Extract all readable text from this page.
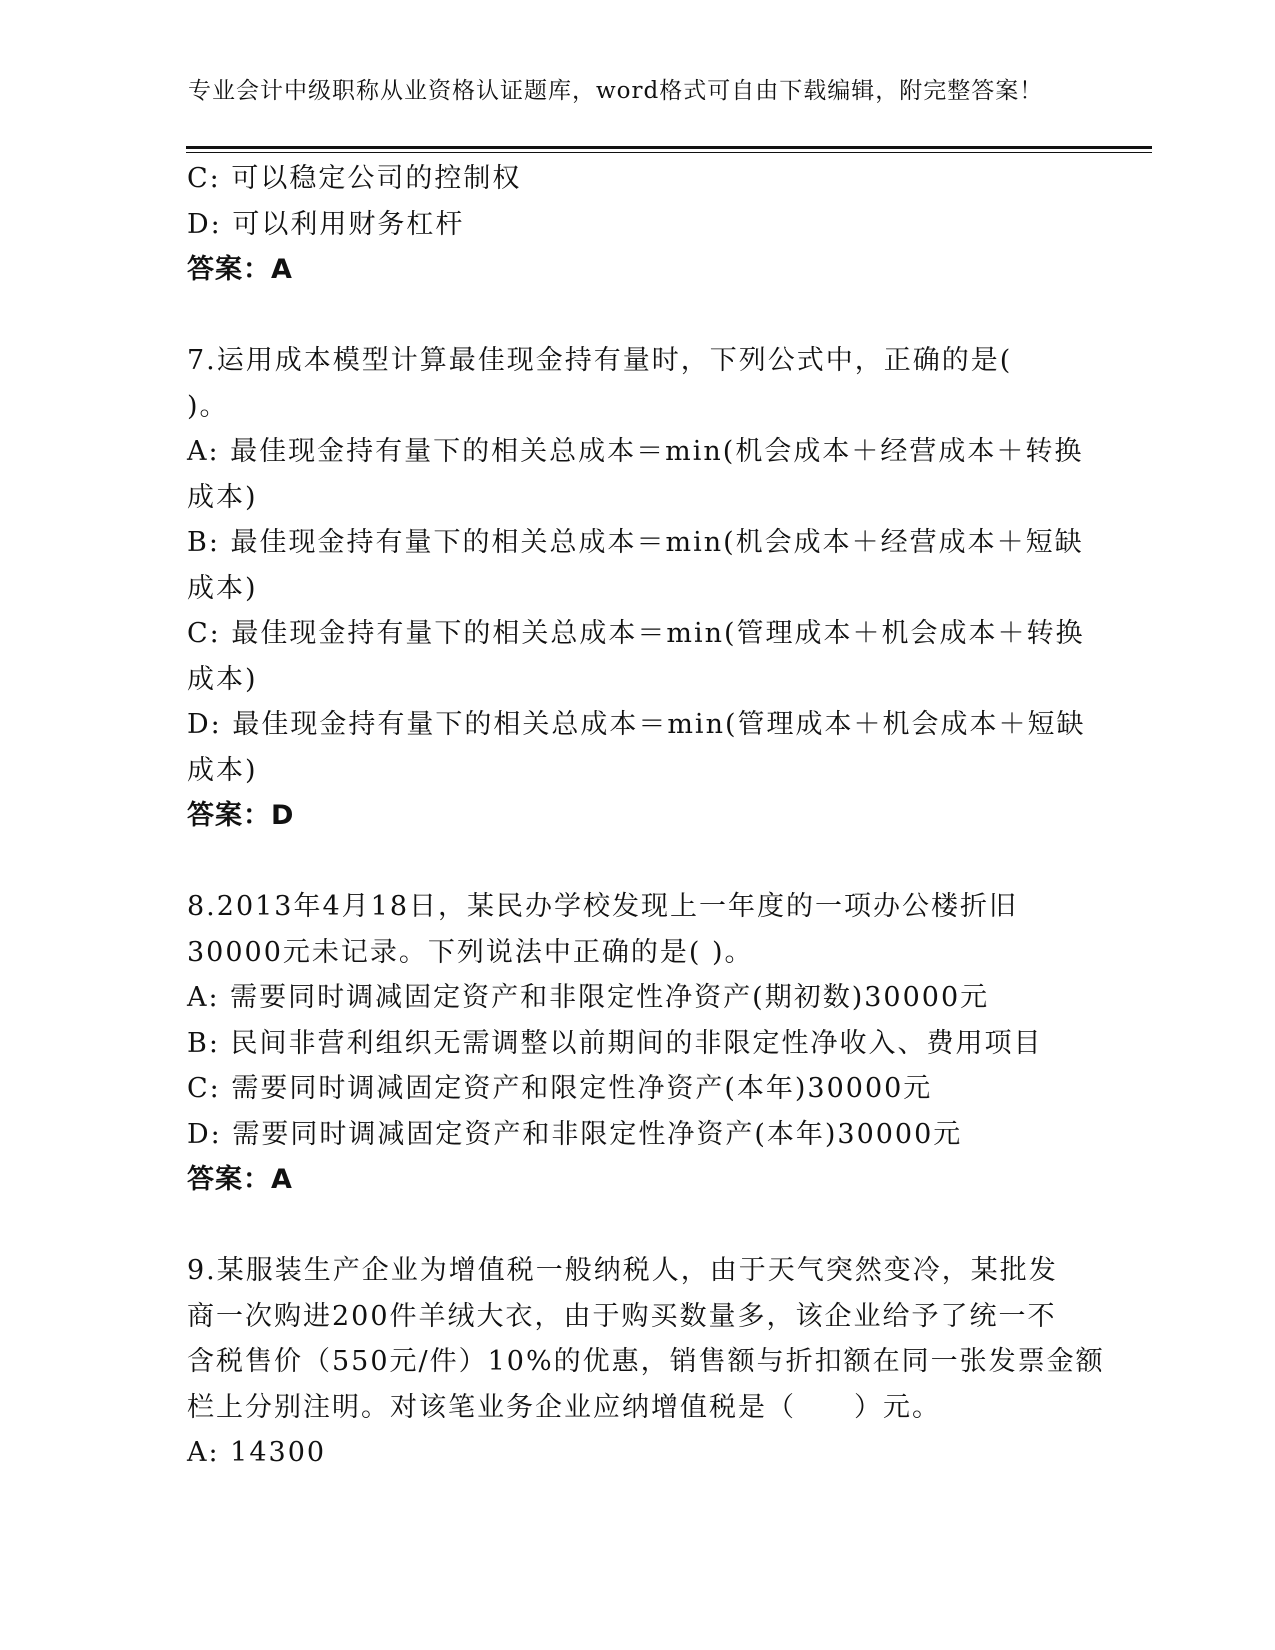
专业会计中级职称从业资格认证题库，word格式可自由下载编辑，附完整答案！
C: 可以稳定公司的控制权
D: 可以利用财务杠杆
答案：A
7.运用成本模型计算最佳现金持有量时，下列公式中，正确的是(
)。
A: 最佳现金持有量下的相关总成本＝min(机会成本＋经营成本＋转换
成本)
B: 最佳现金持有量下的相关总成本＝min(机会成本＋经营成本＋短缺
成本)
C: 最佳现金持有量下的相关总成本＝min(管理成本＋机会成本＋转换
成本)
D: 最佳现金持有量下的相关总成本＝min(管理成本＋机会成本＋短缺
成本)
答案：D
8.2013年4月18日，某民办学校发现上一年度的一项办公楼折旧
30000元未记录。下列说法中正确的是( )。
A: 需要同时调减固定资产和非限定性净资产(期初数)30000元
B: 民间非营利组织无需调整以前期间的非限定性净收入、费用项目
C: 需要同时调减固定资产和限定性净资产(本年)30000元
D: 需要同时调减固定资产和非限定性净资产(本年)30000元
答案：A
9.某服装生产企业为增值税一般纳税人，由于天气突然变冷，某批发
商一次购进200件羊绒大衣，由于购买数量多，该企业给予了统一不
含税售价（550元/件）10%的优惠，销售额与折扣额在同一张发票金额
栏上分别注明。对该笔业务企业应纳增值税是（　　）元。
A: 14300
